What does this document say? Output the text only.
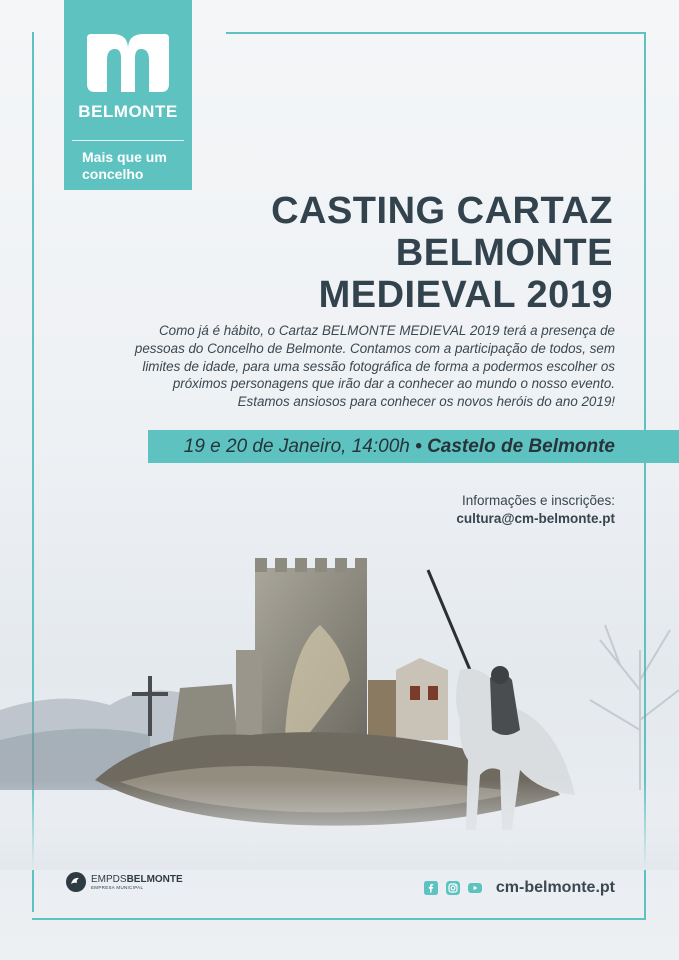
BELMONTE
Mais que um concelho
CASTING CARTAZ
BELMONTE
MEDIEVAL 2019
Como já é hábito, o Cartaz BELMONTE MEDIEVAL 2019 terá a presença de pessoas do Concelho de Belmonte. Contamos com a participação de todos, sem limites de idade, para uma sessão fotográfica de forma a podermos escolher os próximos personagens que irão dar a conhecer ao mundo o nosso evento. Estamos ansiosos para conhecer os novos heróis do ano 2019!
19 e 20 de Janeiro, 14:00h • Castelo de Belmonte
Informações e inscrições:
cultura@cm-belmonte.pt
EMPDSBELMONTE
EMPRESA MUNICIPAL	cm-belmonte.pt
